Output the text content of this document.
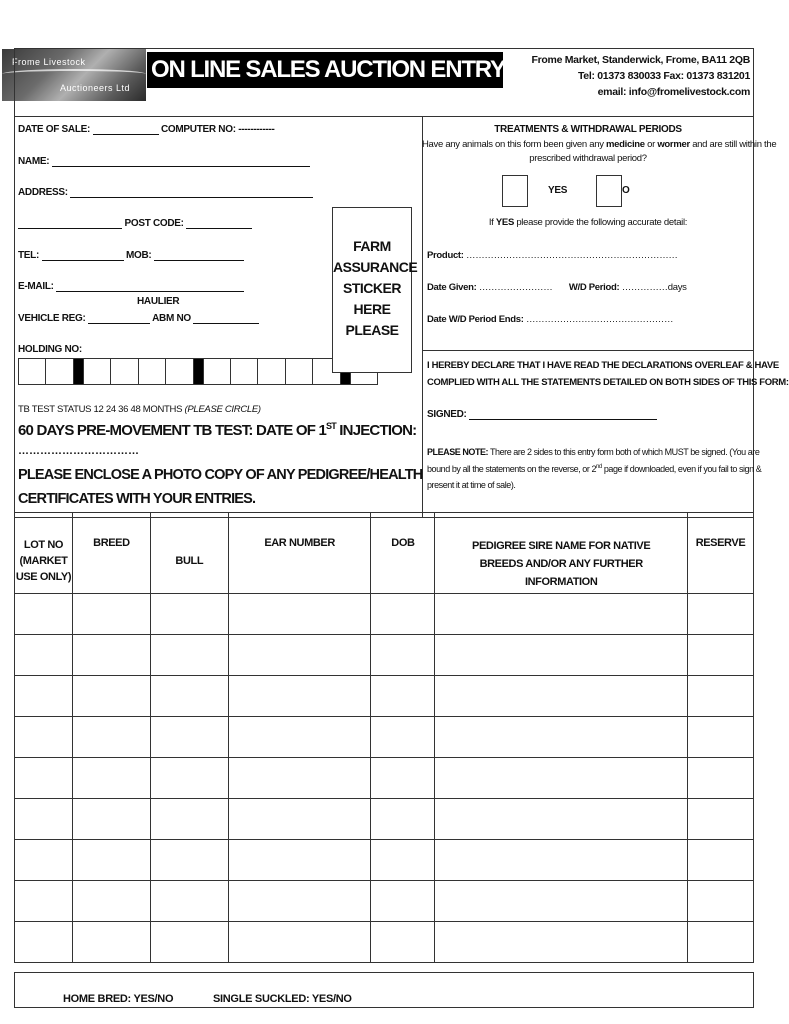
Frome Livestock
Auctioneers Ltd
ON LINE SALES AUCTION ENTRY FORM
Frome Market, Standerwick, Frome, BA11 2QB
Tel: 01373 830033 Fax: 01373 831201
email: info@fromelivestock.com
DATE OF SALE:	COMPUTER NO: ------------
NAME:
ADDRESS:
POST CODE:
TEL:	MOB:
E-MAIL:
HAULIER
VEHICLE REG:	ABM NO
HOLDING NO:
FARM
ASSURANCE
STICKER
HERE
PLEASE
TB TEST STATUS 12 24 36 48 MONTHS (PLEASE CIRCLE)
60 DAYS PRE-MOVEMENT TB TEST: DATE OF 1ST INJECTION:
……………………………
PLEASE ENCLOSE A PHOTO COPY OF ANY PEDIGREE/HEALTH
CERTIFICATES WITH YOUR ENTRIES.
TREATMENTS & WITHDRAWAL PERIODS
Have any animals on this form been given any medicine or wormer and are still within the
prescribed withdrawal period?
YES	O
If YES please provide the following accurate detail:
Product: ……………………………………………………………
Date Given: …………………… W/D Period: ……………days
Date W/D Period Ends: …………………………………………
I HEREBY DECLARE THAT I HAVE READ THE DECLARATIONS OVERLEAF & HAVE
COMPLIED WITH ALL THE STATEMENTS DETAILED ON BOTH SIDES OF THIS FORM:
SIGNED:
PLEASE NOTE: There are 2 sides to this entry form both of which MUST be signed. (You are
bound by all the statements on the reverse, or 2nd page if downloaded, even if you fail to sign &
present it at time of sale).
LOT NO (MARKET USE ONLY)	BREED	BULL	EAR NUMBER	DOB	PEDIGREE SIRE NAME FOR NATIVE BREEDS AND/OR ANY FURTHER INFORMATION	RESERVE

HOME BRED: YES/NO	SINGLE SUCKLED: YES/NO
